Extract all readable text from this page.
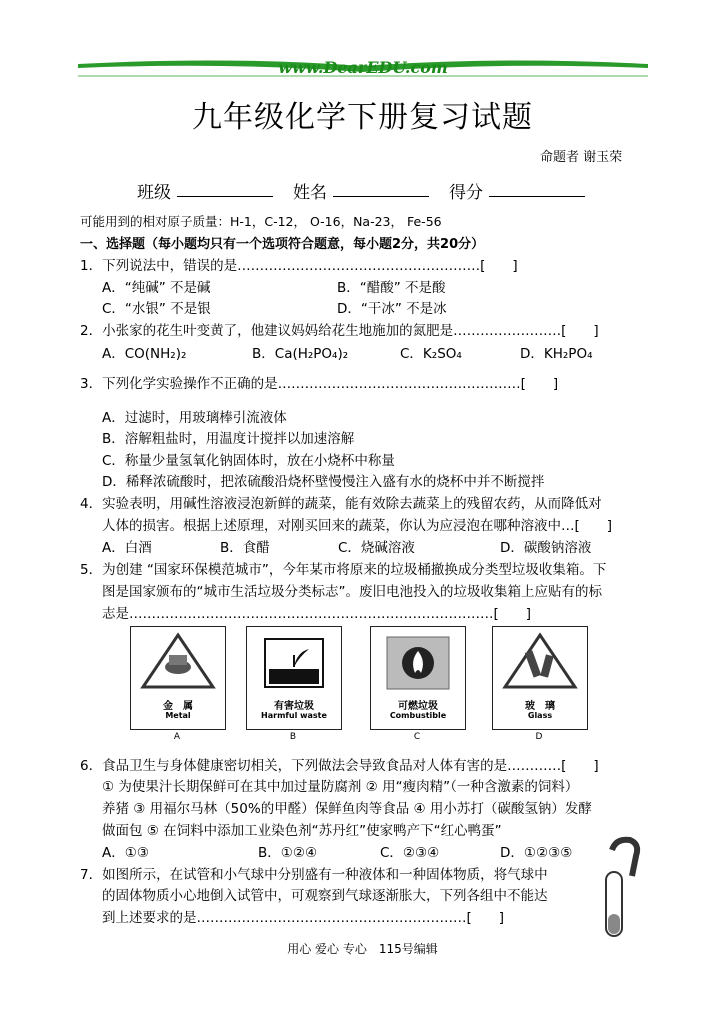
www.DearEDU.com
九年级化学下册复习试题
命题者 谢玉荣
班级	姓名	得分
可能用到的相对原子质量：H-1，C-12， O-16，Na-23， Fe-56
一、选择题（每小题均只有一个选项符合题意，每小题2分，共20分）
1．下列说法中，错误的是………………………………………………[　　]
A．“纯碱” 不是碱	B．“醋酸” 不是酸
C．“水银” 不是银	D．“干冰” 不是冰
2．小张家的花生叶变黄了，他建议妈妈给花生地施加的氮肥是……………………[　　]
A．CO(NH₂)₂	B．Ca(H₂PO₄)₂	C．K₂SO₄	D．KH₂PO₄
3．下列化学实验操作不正确的是………………………………………………[　　]
A．过滤时，用玻璃棒引流液体
B．溶解粗盐时，用温度计搅拌以加速溶解
C．称量少量氢氧化钠固体时，放在小烧杯中称量
D．稀释浓硫酸时，把浓硫酸沿烧杯壁慢慢注入盛有水的烧杯中并不断搅拌
4．实验表明，用碱性溶液浸泡新鲜的蔬菜，能有效除去蔬菜上的残留农药，从而降低对
人体的损害。根据上述原理，对刚买回来的蔬菜，你认为应浸泡在哪种溶液中…[　　]
A．白酒	B．食醋	C．烧碱溶液	D．碳酸钠溶液
5．为创建 “国家环保模范城市”，今年某市将原来的垃圾桶撤换成分类型垃圾收集箱。下
图是国家颁布的“城市生活垃圾分类标志”。废旧电池投入的垃圾收集箱上应贴有的标
志是………………………………………………………………………[　　]
金　属
Metal
A
有害垃圾
Harmful waste
B
可燃垃圾
Combustible
C
玻　璃
Glass
D
6．食品卫生与身体健康密切相关，下列做法会导致食品对人体有害的是…………[　　]
① 为使果汁长期保鲜可在其中加过量防腐剂 ② 用“瘦肉精”（一种含激素的饲料）
养猪 ③ 用福尔马林（50%的甲醛）保鲜鱼肉等食品 ④ 用小苏打（碳酸氢钠）发酵
做面包 ⑤ 在饲料中添加工业染色剂“苏丹红”使家鸭产下“红心鸭蛋”
A．①③	B．①②④	C．②③④	D．①②③⑤
7．如图所示，在试管和小气球中分别盛有一种液体和一种固体物质，将气球中
的固体物质小心地倒入试管中，可观察到气球逐渐胀大，下列各组中不能达
到上述要求的是……………………………………………………[　　]
用心 爱心 专心　115号编辑
